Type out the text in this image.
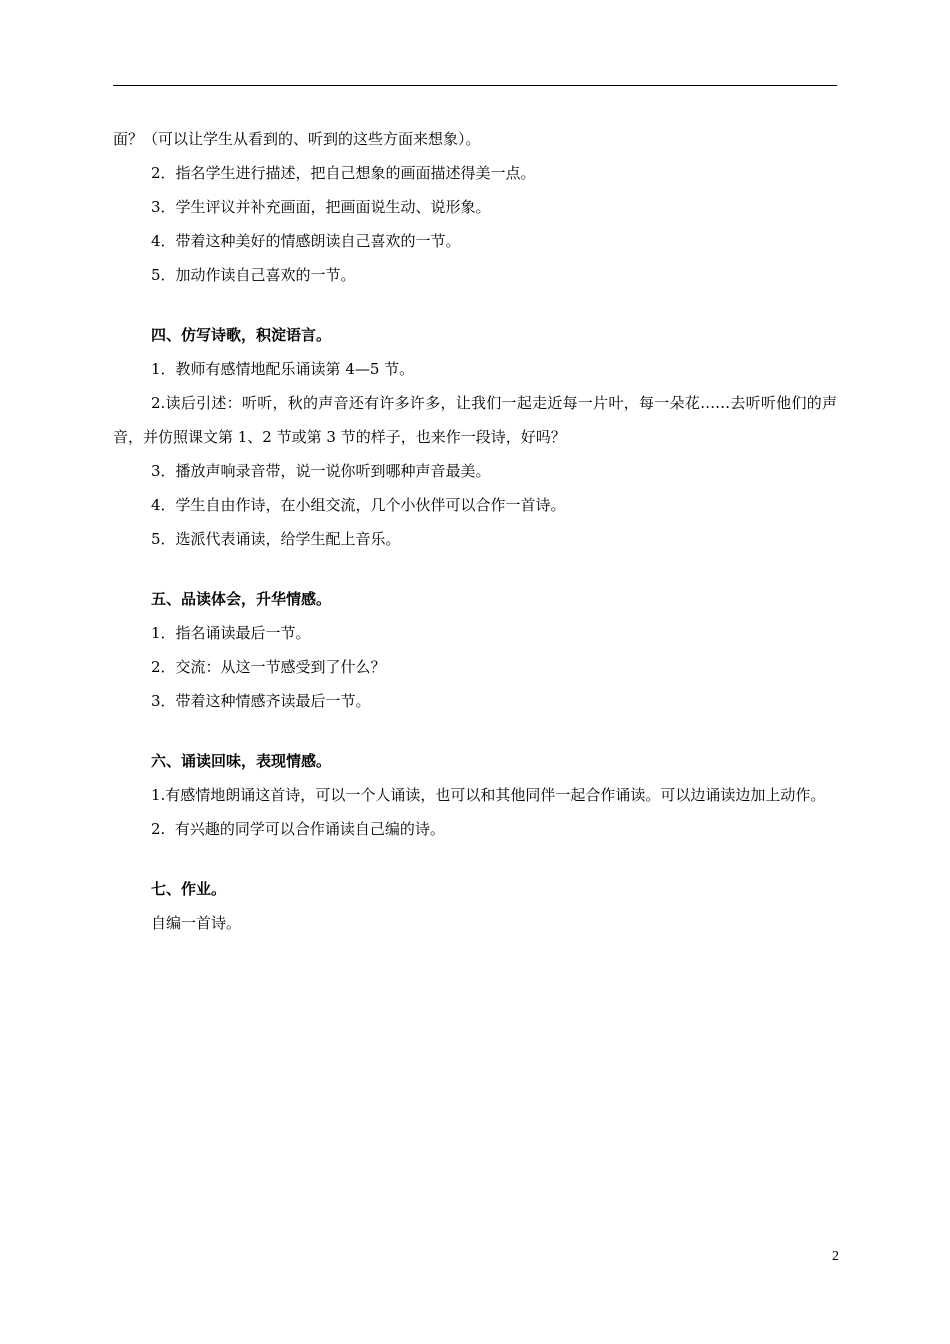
面？（可以让学生从看到的、听到的这些方面来想象）。

2．指名学生进行描述，把自己想象的画面描述得美一点。

3．学生评议并补充画面，把画面说生动、说形象。

4．带着这种美好的情感朗读自己喜欢的一节。

5．加动作读自己喜欢的一节。

四、仿写诗歌，积淀语言。

1．教师有感情地配乐诵读第 4—5 节。

2.读后引述：听听，秋的声音还有许多许多，让我们一起走近每一片叶，每一朵花……去听听他们的声音，并仿照课文第 1、2 节或第 3 节的样子，也来作一段诗，好吗？

3．播放声响录音带，说一说你听到哪种声音最美。

4．学生自由作诗，在小组交流，几个小伙伴可以合作一首诗。

5．选派代表诵读，给学生配上音乐。

五、品读体会，升华情感。

1．指名诵读最后一节。

2．交流：从这一节感受到了什么？

3．带着这种情感齐读最后一节。

六、诵读回味，表现情感。

1.有感情地朗诵这首诗，可以一个人诵读，也可以和其他同伴一起合作诵读。可以边诵读边加上动作。

2.  有兴趣的同学可以合作诵读自己编的诗。

七、作业。

自编一首诗。

2
